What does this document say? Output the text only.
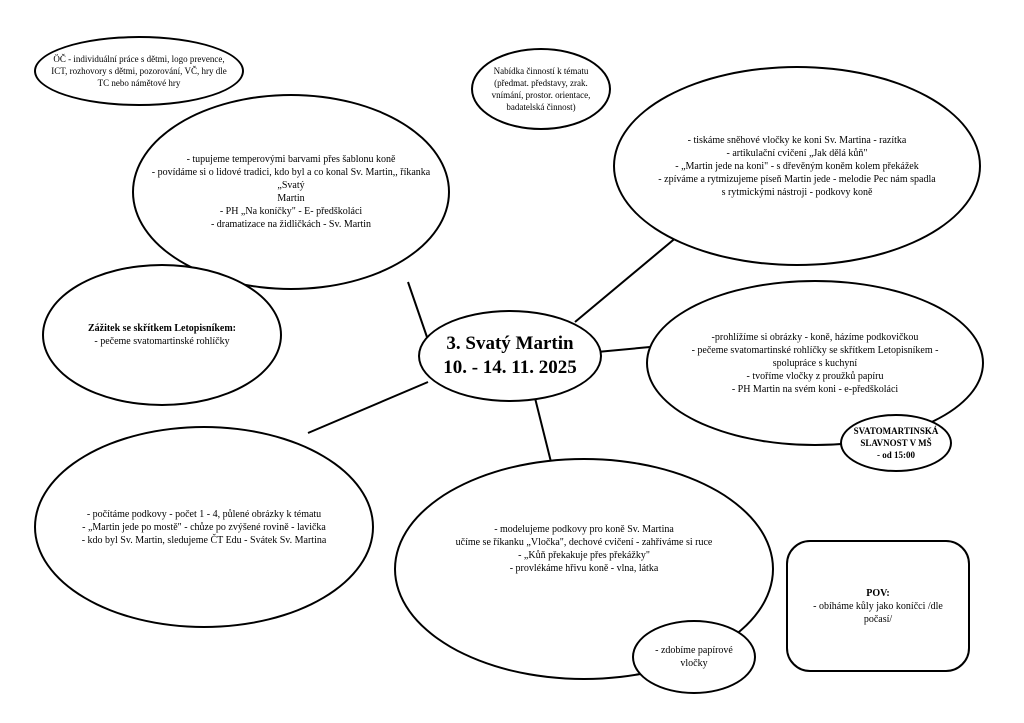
ÖČ - individuální práce s dětmi, logo prevence,

ICT, rozhovory s dětmi, pozorování, VČ, hry dle

TC nebo námětové hry

Nabídka činností k tématu

(předmat. představy, zrak.

vnímání, prostor. orientace,

badatelská činnost)

- tupujeme temperovými barvami přes šablonu koně

- povídáme si o lidové tradici, kdo byl a co konal Sv. Martin,, říkanka „Svatý

Martin

- PH „Na koníčky" - E- předškoláci

- dramatizace na židličkách - Sv. Martin

- tiskáme sněhové vločky ke koni Sv. Martina - razítka

- artikulační cvičení „Jak dělá kůň"

- „Martin jede na koni" - s dřevěným koněm kolem překážek

- zpíváme a rytmizujeme píseň Martin jede - melodie Pec nám spadla

s rytmickými nástroji - podkovy koně

Zážitek se skřítkem Letopisníkem:

- pečeme svatomartinské rohlíčky	3. Svatý Martin

10. - 14. 11. 2025

-prohlížíme si obrázky - koně, házíme podkovičkou

- pečeme svatomartinské rohlíčky se skřítkem Letopisníkem -

spolupráce s kuchyní

- tvoříme vločky z proužků papíru

- PH Martin na svém koni - e-předškoláci

SVATOMARTINSKÁ

SLAVNOST V MŠ

- od 15:00

- počítáme podkovy - počet 1 - 4, půlené obrázky k tématu

- „Martin jede po mostě" - chůze po zvýšené rovině - lavička

- kdo byl Sv. Martin, sledujeme ČT Edu - Svátek Sv. Martina

- modelujeme podkovy pro koně Sv. Martina

učíme se říkanku „Vločka", dechové cvičení - zahříváme si ruce

- „Kůň překakuje přes překážky"

- provlékáme hřivu koně - vlna, látka

- zdobíme papírové

vločky

POV:

- obíháme kůly jako koníčci /dle

počasí/
